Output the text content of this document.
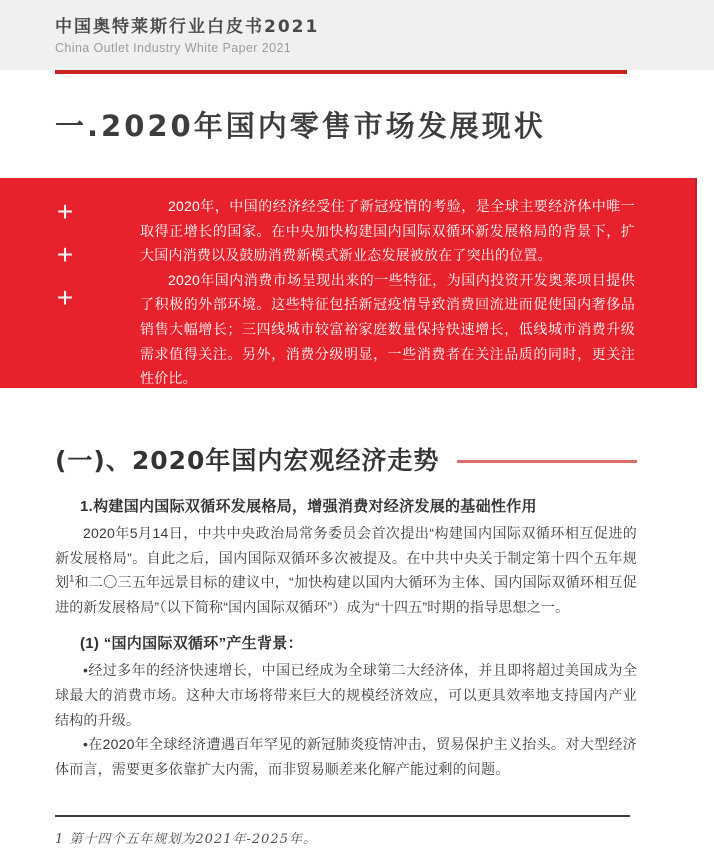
中国奥特莱斯行业白皮书2021
China Outlet Industry White Paper 2021
一.2020年国内零售市场发展现状
+
+
+

2020年，中国的经济经受住了新冠疫情的考验，是全球主要经济体中唯一取得正增长的国家。在中央加快构建国内国际双循环新发展格局的背景下，扩大国内消费以及鼓励消费新模式新业态发展被放在了突出的位置。

2020年国内消费市场呈现出来的一些特征，为国内投资开发奥莱项目提供了积极的外部环境。这些特征包括新冠疫情导致消费回流进而促使国内奢侈品销售大幅增长；三四线城市较富裕家庭数量保持快速增长，低线城市消费升级需求值得关注。另外，消费分级明显，一些消费者在关注品质的同时，更关注性价比。

(一)、2020年国内宏观经济走势
1.构建国内国际双循环发展格局，增强消费对经济发展的基础性作用

2020年5月14日，中共中央政治局常务委员会首次提出“构建国内国际双循环相互促进的新发展格局”。自此之后，国内国际双循环多次被提及。在中共中央关于制定第十四个五年规划$^1$和二〇三五年远景目标的建议中，“加快构建以国内大循环为主体、国内国际双循环相互促进的新发展格局”（以下简称“国内国际双循环”）成为“十四五”时期的指导思想之一。

(1) “国内国际双循环”产生背景：

•经过多年的经济快速增长，中国已经成为全球第二大经济体，并且即将超过美国成为全球最大的消费市场。这种大市场将带来巨大的规模经济效应，可以更具效率地支持国内产业结构的升级。

•在2020年全球经济遭遇百年罕见的新冠肺炎疫情冲击，贸易保护主义抬头。对大型经济体而言，需要更多依靠扩大内需，而非贸易顺差来化解产能过剩的问题。

1 第十四个五年规划为2021年-2025年。
